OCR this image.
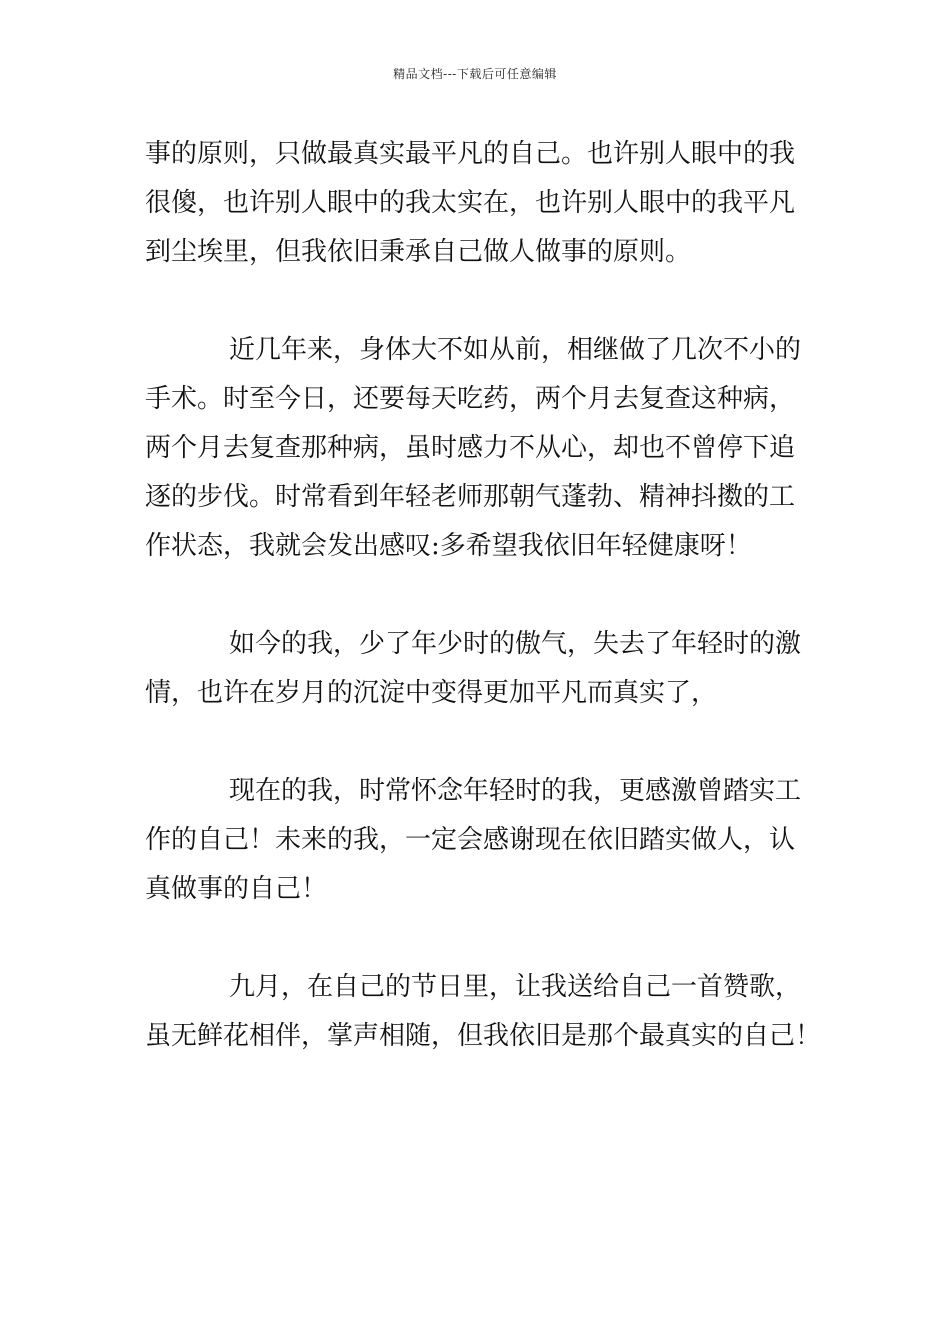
精品文档---下载后可任意编辑

事的原则，只做最真实最平凡的自己。也许别人眼中的我
很傻，也许别人眼中的我太实在，也许别人眼中的我平凡
到尘埃里，但我依旧秉承自己做人做事的原则。

近几年来，身体大不如从前，相继做了几次不小的
手术。时至今日，还要每天吃药，两个月去复查这种病，
两个月去复查那种病，虽时感力不从心，却也不曾停下追
逐的步伐。时常看到年轻老师那朝气蓬勃、精神抖擞的工
作状态，我就会发出感叹:多希望我依旧年轻健康呀！

如今的我，少了年少时的傲气，失去了年轻时的激
情，也许在岁月的沉淀中变得更加平凡而真实了，

现在的我，时常怀念年轻时的我，更感激曾踏实工
作的自己！未来的我，一定会感谢现在依旧踏实做人，认
真做事的自己！

九月，在自己的节日里，让我送给自己一首赞歌，
虽无鲜花相伴，掌声相随，但我依旧是那个最真实的自己！
